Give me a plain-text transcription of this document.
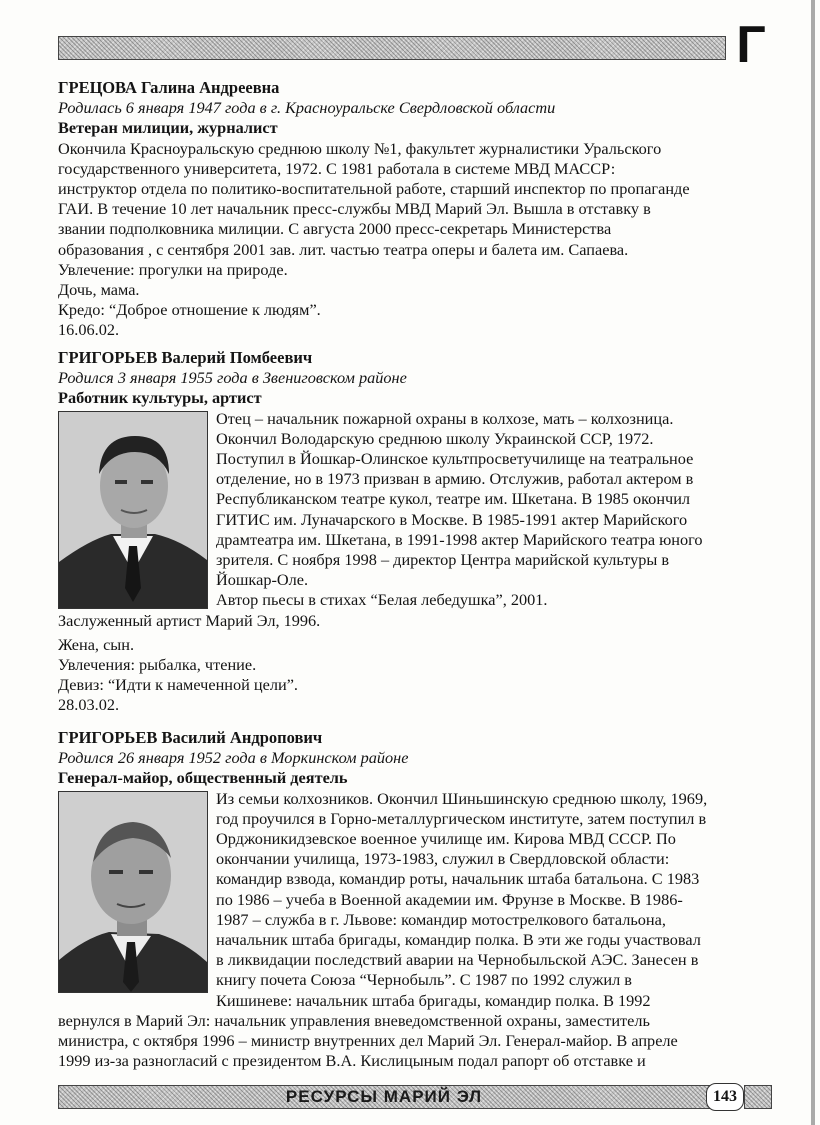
Г
ГРЕЦОВА Галина Андреевна
Родилась 6 января 1947 года в г. Красноуральске Свердловской области
Ветеран милиции, журналист
Окончила Красноуральскую среднюю школу №1, факультет журналистики Уральского
государственного университета, 1972. С 1981 работала в системе МВД МАССР:
инструктор отдела по политико-воспитательной работе, старший инспектор по пропаганде
ГАИ. В течение 10 лет начальник пресс-службы МВД Марий Эл. Вышла в отставку в
звании подполковника милиции. С августа 2000 пресс-секретарь Министерства
образования , с сентября 2001 зав. лит. частью театра оперы и балета им. Сапаева.
Увлечение: прогулки на природе.
Дочь, мама.
Кредо: “Доброе отношение к людям”.
16.06.02.
ГРИГОРЬЕВ Валерий Помбеевич
Родился 3 января 1955 года в Звениговском районе
Работник культуры, артист
Отец – начальник пожарной охраны в колхозе, мать – колхозница.
Окончил Володарскую среднюю школу Украинской ССР, 1972.
Поступил в Йошкар-Олинское культпросветучилище на театральное
отделение, но в 1973 призван в армию. Отслужив, работал актером в
Республиканском театре кукол, театре им. Шкетана. В 1985 окончил
ГИТИС им. Луначарского в Москве. В 1985-1991 актер Марийского
драмтеатра им. Шкетана, в 1991-1998 актер Марийского театра юного
зрителя. С ноября 1998 – директор Центра марийской культуры в
Йошкар-Оле.
Автор пьесы в стихах “Белая лебедушка”, 2001.
Заслуженный артист Марий Эл, 1996.
Жена, сын.
Увлечения: рыбалка, чтение.
Девиз: “Идти к намеченной цели”.
28.03.02.
ГРИГОРЬЕВ Василий Андропович
Родился 26 января 1952 года в Моркинском районе
Генерал-майор, общественный деятель
Из семьи колхозников. Окончил Шиньшинскую среднюю школу, 1969,
год проучился в Горно-металлургическом институте, затем поступил в
Орджоникидзевское военное училище им. Кирова МВД СССР. По
окончании училища, 1973-1983, служил в Свердловской области:
командир взвода, командир роты, начальник штаба батальона. С 1983
по 1986 – учеба в Военной академии им. Фрунзе в Москве. В 1986-
1987 – служба в г. Львове: командир мотострелкового батальона,
начальник штаба бригады, командир полка. В эти же годы участвовал
в ликвидации последствий аварии на Чернобыльской АЭС. Занесен в
книгу почета Союза “Чернобыль”. С 1987 по 1992 служил в
Кишиневе: начальник штаба бригады, командир полка. В 1992
вернулся в Марий Эл: начальник управления вневедомственной охраны, заместитель
министра, с октября 1996 – министр внутренних дел Марий Эл. Генерал-майор. В апреле
1999 из-за разногласий с президентом В.А. Кислицыным подал рапорт об отставке и
РЕСУРСЫ МАРИЙ ЭЛ	143
